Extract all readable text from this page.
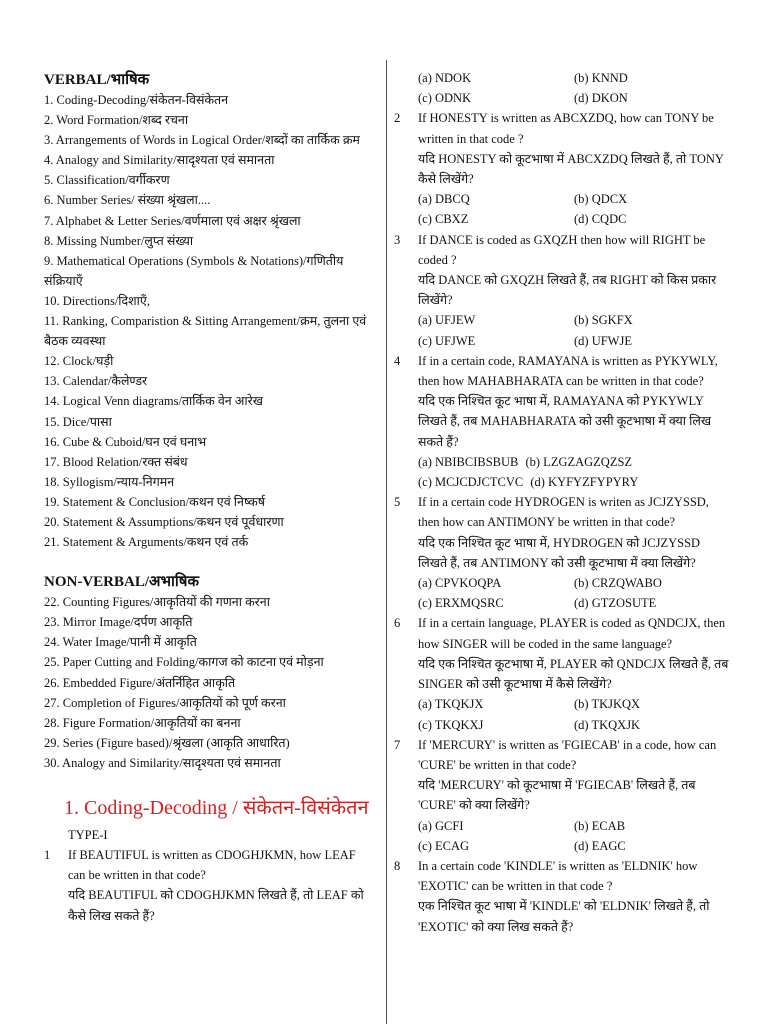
VERBAL/भाषिक
1. Coding-Decoding/संकेतन-विसंकेतन
2. Word Formation/शब्द रचना
3. Arrangements of Words in Logical Order/शब्दों का तार्किक क्रम
4. Analogy and Similarity/सादृश्यता एवं समानता
5. Classification/वर्गीकरण
6. Number Series/ संख्या श्रृंखला....
7. Alphabet & Letter Series/वर्णमाला एवं अक्षर श्रृंखला
8. Missing Number/लुप्त संख्या
9. Mathematical Operations (Symbols & Notations)/गणितीय संक्रियाएँ
10. Directions/दिशाएँ,
11. Ranking, Comparistion & Sitting Arrangement/क्रम, तुलना एवं बैठक व्यवस्था
12. Clock/घड़ी
13. Calendar/कैलेण्डर
14. Logical Venn diagrams/तार्किक वेन आरेख
15. Dice/पासा
16. Cube & Cuboid/घन एवं घनाभ
17. Blood Relation/रक्त संबंध
18. Syllogism/न्याय-निगमन
19. Statement & Conclusion/कथन एवं निष्कर्ष
20. Statement & Assumptions/कथन एवं पूर्वधारणा
21. Statement & Arguments/कथन एवं तर्क
NON-VERBAL/अभाषिक
22. Counting Figures/आकृतियों की गणना करना
23. Mirror Image/दर्पण आकृति
24. Water Image/पानी में आकृति
25. Paper Cutting and Folding/कागज को काटना एवं मोड़ना
26. Embedded Figure/अंतर्निहित आकृति
27. Completion of Figures/आकृतियों को पूर्ण करना
28. Figure Formation/आकृतियों का बनना
29. Series (Figure based)/श्रृंखला (आकृति आधारित)
30. Analogy and Similarity/सादृश्यता एवं समानता
1. Coding-Decoding / संकेतन-विसंकेतन
TYPE-I
1 If BEAUTIFUL is written as CDOGHJKMN, how LEAF can be written in that code?
यदि BEAUTIFUL को CDOGHJKMN लिखते हैं, तो LEAF को कैसे लिख सकते हैं?
(a) NDOK	(b) KNND
(c) ODNK	(d) DKON
2 If HONESTY is written as ABCXZDQ, how can TONY be written in that code ?
यदि HONESTY को कूटभाषा में ABCXZDQ लिखते हैं, तो TONY कैसे लिखेंगे?
(a) DBCQ	(b) QDCX
(c) CBXZ	(d) CQDC
3 If DANCE is coded as GXQZH then how will RIGHT be coded ?
यदि DANCE को GXQZH लिखते हैं, तब RIGHT को किस प्रकार लिखेंगे?
(a) UFJEW	(b) SGKFX
(c) UFJWE	(d) UFWJE
4 If in a certain code, RAMAYANA is written as PYKYWLY, then how MAHABHARATA can be written in that code?
यदि एक निश्चित कूट भाषा में, RAMAYANA को PYKYWLY लिखते हैं, तब MAHABHARATA को उसी कूटभाषा में क्या लिख सकते हैं?
(a) NBIBCIBSBUB (b) LZGZAGZQZSZ
(c) MCJCDJCTCVC (d) KYFYZFYPYRY
5 If in a certain code HYDROGEN is writen as JCJZYSSD, then how can ANTIMONY be written in that code?
यदि एक निश्चित कूट भाषा में, HYDROGEN को JCJZYSSD लिखते हैं, तब ANTIMONY को उसी कूटभाषा में क्या लिखेंगे?
(a) CPVKOQPA	(b) CRZQWABO
(c) ERXMQSRC	(d) GTZOSUTE
6 If in a certain language, PLAYER is coded as QNDCJX, then how SINGER will be coded in the same language?
यदि एक निश्चित कूटभाषा में, PLAYER को QNDCJX लिखते हैं, तब SINGER को उसी कूटभाषा में कैसे लिखेंगे?
(a) TKQKJX	(b) TKJKQX
(c) TKQKXJ	(d) TKQXJK
7 If 'MERCURY' is written as 'FGIECAB' in a code, how can 'CURE' be written in that code?
यदि 'MERCURY' को कूटभाषा में 'FGIECAB' लिखते हैं, तब 'CURE' को क्या लिखेंगे?
(a) GCFI	(b) ECAB
(c) ECAG	(d) EAGC
8 In a certain code 'KINDLE' is written as 'ELDNIK' how 'EXOTIC' can be written in that code ?
एक निश्चित कूट भाषा में 'KINDLE' को 'ELDNIK' लिखते हैं, तो 'EXOTIC' को क्या लिख सकते हैं?
